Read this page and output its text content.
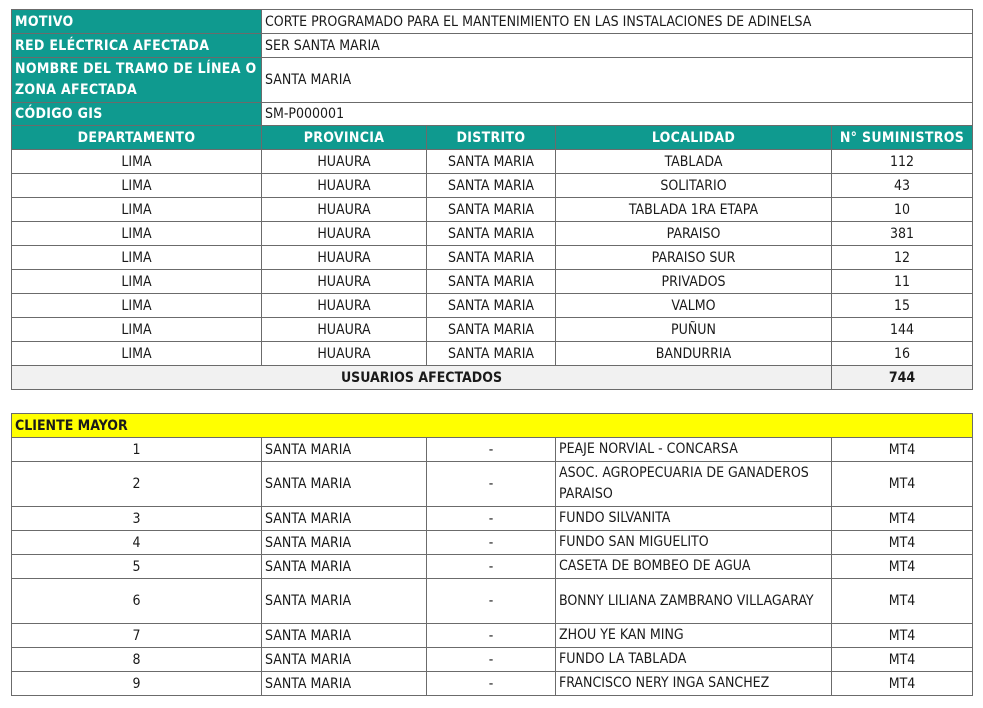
MOTIVO	CORTE PROGRAMADO PARA EL MANTENIMIENTO EN LAS INSTALACIONES DE ADINELSA			
RED ELÉCTRICA AFECTADA	SER SANTA MARIA			
NOMBRE DEL TRAMO DE LÍNEA O ZONA AFECTADA	SANTA MARIA			
CÓDIGO GIS	SM-P000001			
DEPARTAMENTO	PROVINCIA	DISTRITO	LOCALIDAD	N° SUMINISTROS
LIMA	HUAURA	SANTA MARIA	TABLADA	112
LIMA	HUAURA	SANTA MARIA	SOLITARIO	43
LIMA	HUAURA	SANTA MARIA	TABLADA 1RA ETAPA	10
LIMA	HUAURA	SANTA MARIA	PARAISO	381
LIMA	HUAURA	SANTA MARIA	PARAISO SUR	12
LIMA	HUAURA	SANTA MARIA	PRIVADOS	11
LIMA	HUAURA	SANTA MARIA	VALMO	15
LIMA	HUAURA	SANTA MARIA	PUÑUN	144
LIMA	HUAURA	SANTA MARIA	BANDURRIA	16
USUARIOS AFECTADOS				744
CLIENTE MAYOR				
1	SANTA MARIA	-	PEAJE NORVIAL - CONCARSA	MT4
2	SANTA MARIA	-	ASOC. AGROPECUARIA DE GANADEROS PARAISO	MT4
3	SANTA MARIA	-	FUNDO SILVANITA	MT4
4	SANTA MARIA	-	FUNDO SAN MIGUELITO	MT4
5	SANTA MARIA	-	CASETA DE BOMBEO DE AGUA	MT4
6	SANTA MARIA	-	BONNY LILIANA ZAMBRANO VILLAGARAY	MT4
7	SANTA MARIA	-	ZHOU YE KAN MING	MT4
8	SANTA MARIA	-	FUNDO LA TABLADA	MT4
9	SANTA MARIA	-	FRANCISCO NERY INGA SANCHEZ	MT4
